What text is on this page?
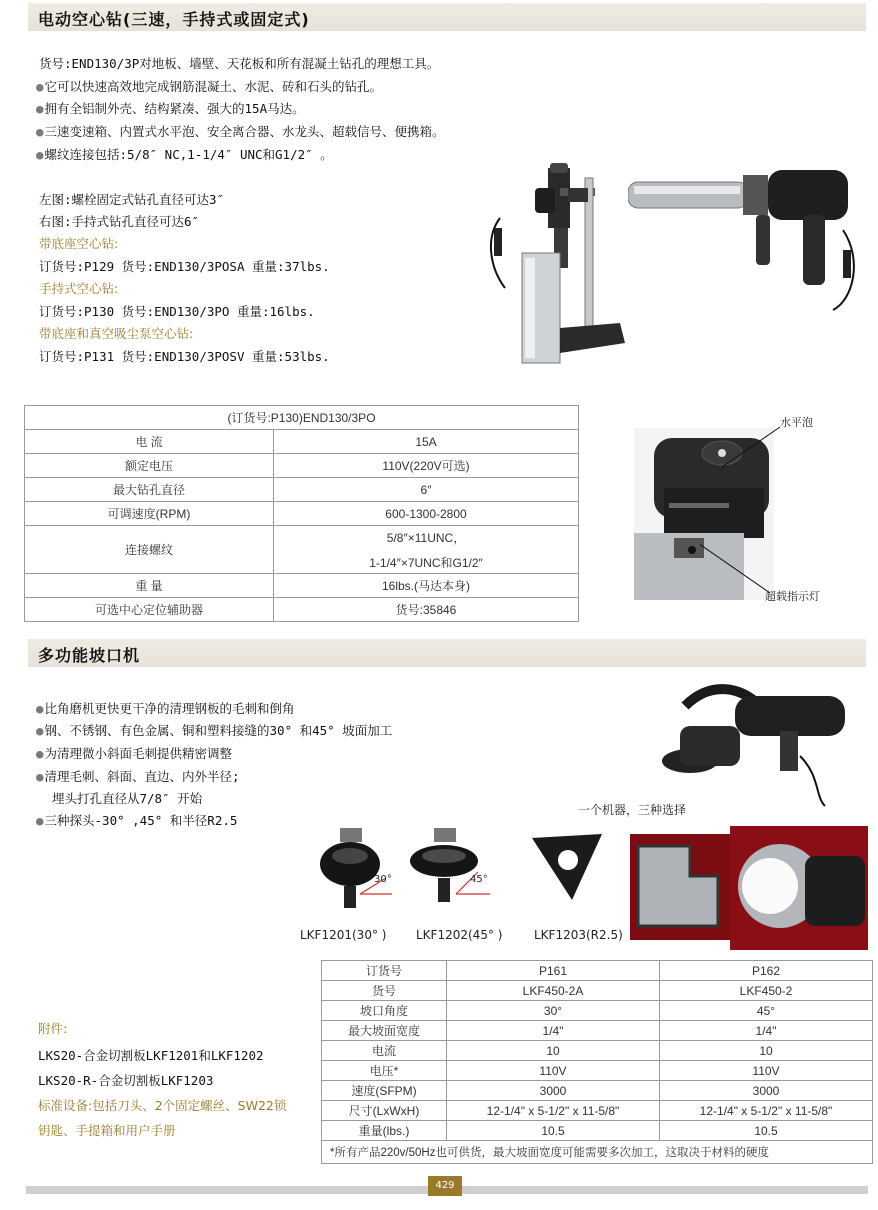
电动空心钻(三速，手持式或固定式)
货号:END130/3P对地板、墙壁、天花板和所有混凝土钻孔的理想工具。
● 它可以快速高效地完成钢筋混凝土、水泥、砖和石头的钻孔。
● 拥有全铝制外壳、结构紧凑、强大的15A马达。
● 三速变速箱、内置式水平泡、安全离合器、水龙头、超载信号、便携箱。
● 螺纹连接包括:5/8″ NC,1-1/4″ UNC和G1/2″ 。
左图:螺栓固定式钻孔直径可达3″
右图:手持式钻孔直径可达6″
带底座空心钻:
订货号:P129 货号:END130/3POSA 重量:37lbs.
手持式空心钻:
订货号:P130 货号:END130/3PO 重量:16lbs.
带底座和真空吸尘泵空心钻:
订货号:P131 货号:END130/3POSV 重量:53lbs.
(订货号:P130)END130/3PO	
电 流	15A
额定电压	110V(220V可选)
最大钻孔直径	6″
可调速度(RPM)	600-1300-2800
连接螺纹	5/8″×11UNC，
1-1/4″×7UNC和G1/2″

重 量	16lbs.(马达本身)
可选中心定位辅助器	货号:35846
水平泡
超载指示灯
多功能坡口机
● 比角磨机更快更干净的清理钢板的毛刺和倒角
● 钢、不锈钢、有色金属、铜和塑料接缝的30° 和45° 坡面加工
● 为清理微小斜面毛刺提供精密调整
● 清理毛刺、斜面、直边、内外半径;
埋头打孔直径从7/8″ 开始
● 三种探头-30° ,45° 和半径R2.5
一个机器，三种选择
30°	45°
LKF1201(30° ) LKF1202(45° )	LKF1203(R2.5)
附件:
LKS20-合金切割板LKF1201和LKF1202
LKS20-R-合金切割板LKF1203
标准设备:包括刀头、2个固定螺丝、SW22锁
钥匙、手提箱和用户手册
订货号	P161	P162
货号	LKF450-2A	LKF450-2
坡口角度	30°	45°
最大坡面宽度	1/4"	1/4"
电流	10	10
电压*	110V	110V
速度(SFPM)	3000	3000
尺寸(LxWxH)	12-1/4" x 5-1/2" x 11-5/8"	12-1/4" x 5-1/2" x 11-5/8"
重量(lbs.)	10.5	10.5
*所有产品220v/50Hz也可供货，最大坡面宽度可能需要多次加工，这取决于材料的硬度		
429
